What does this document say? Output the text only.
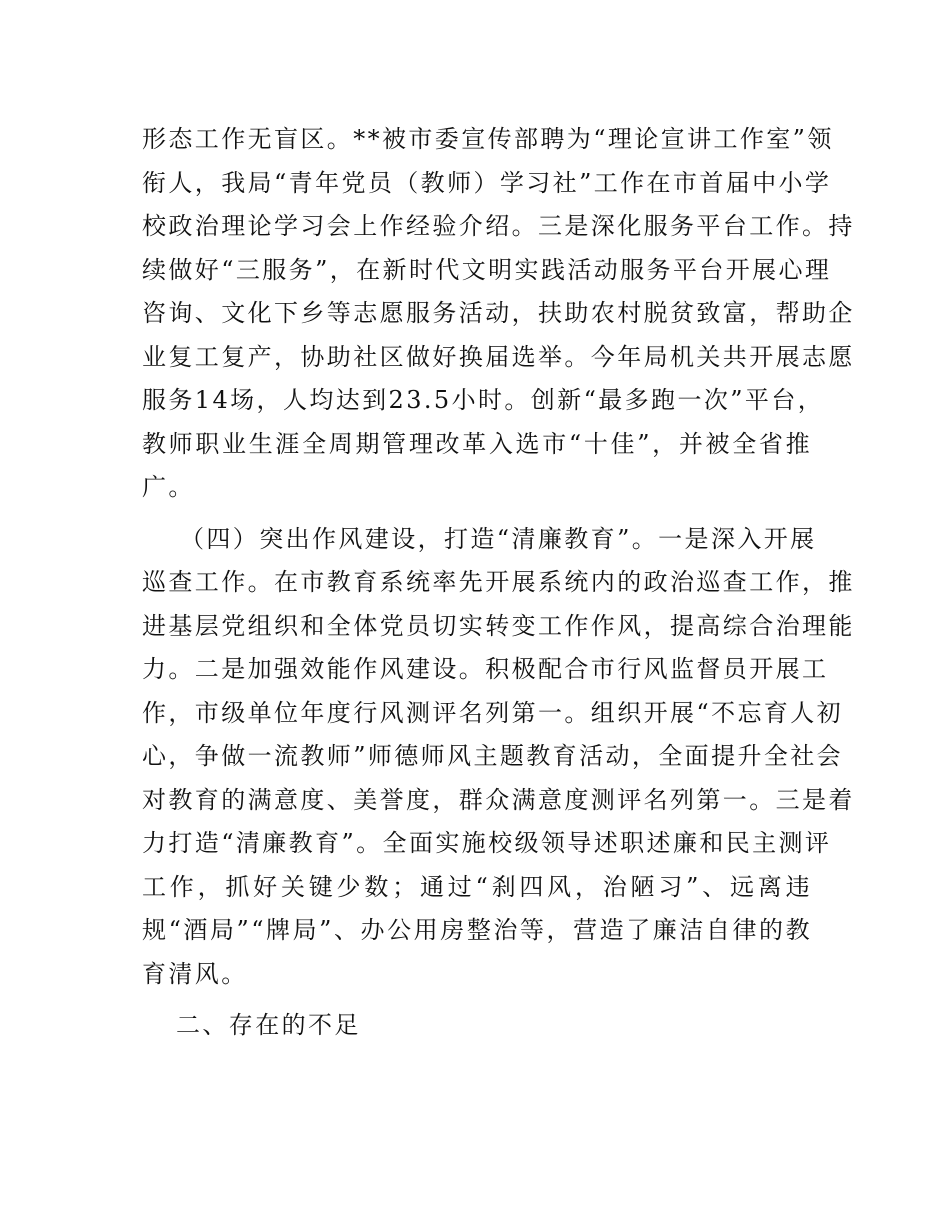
形态工作无盲区。**被市委宣传部聘为“理论宣讲工作室”领
衔人，我局“青年党员（教师）学习社”工作在市首届中小学
校政治理论学习会上作经验介绍。三是深化服务平台工作。持
续做好“三服务”，在新时代文明实践活动服务平台开展心理
咨询、文化下乡等志愿服务活动，扶助农村脱贫致富，帮助企
业复工复产，协助社区做好换届选举。今年局机关共开展志愿
服务14场，人均达到23.5小时。创新“最多跑一次”平台，
教师职业生涯全周期管理改革入选市“十佳”，并被全省推
广。
（四）突出作风建设，打造“清廉教育”。一是深入开展
巡查工作。在市教育系统率先开展系统内的政治巡查工作，推
进基层党组织和全体党员切实转变工作作风，提高综合治理能
力。二是加强效能作风建设。积极配合市行风监督员开展工
作，市级单位年度行风测评名列第一。组织开展“不忘育人初
心，争做一流教师”师德师风主题教育活动，全面提升全社会
对教育的满意度、美誉度，群众满意度测评名列第一。三是着
力打造“清廉教育”。全面实施校级领导述职述廉和民主测评
工作，抓好关键少数；通过“刹四风，治陋习”、远离违
规“酒局”“牌局”、办公用房整治等，营造了廉洁自律的教
育清风。
二、存在的不足
